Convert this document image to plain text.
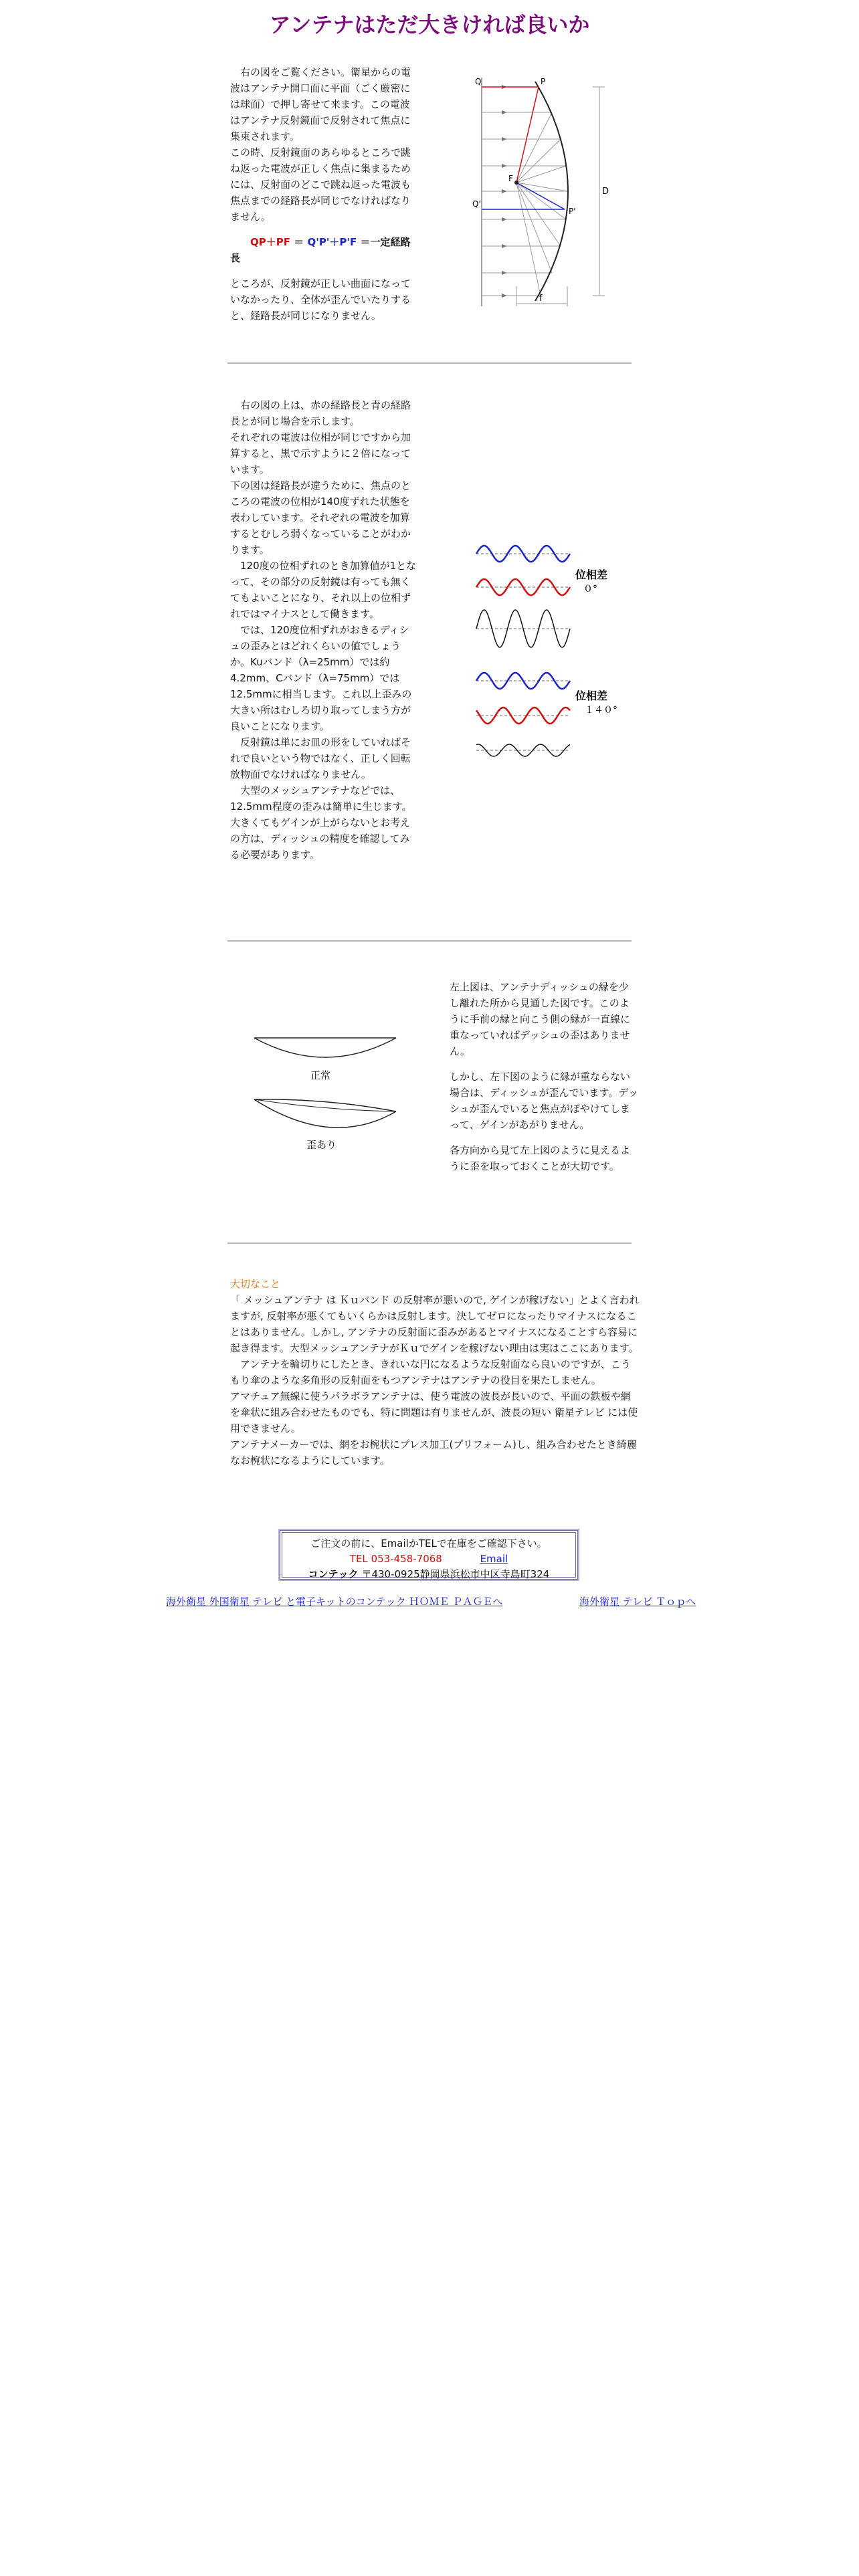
アンテナはただ大きければ良いか

右の図をご覧ください。衛星からの電波はアンテナ開口面に平面（ごく厳密には球面）で押し寄せて来ます。この電波はアンテナ反射鏡面で反射されて焦点に集束されます。

この時、反射鏡面のあらゆるところで跳ね返った電波が正しく焦点に集まるためには、反射面のどこで跳ね返った電波も焦点までの経路長が同じでなければなりません。

QP＋PF ＝ Q'P'＋P'F ＝一定経路長

ところが、反射鏡が正しい曲面になっていなかったり、全体が歪んでいたりすると、経路長が同じになりません。

Q	P
F
Q'
P'
D
f

右の図の上は、赤の経路長と青の経路長とが同じ場合を示します。

それぞれの電波は位相が同じですから加算すると、黒で示すように２倍になっています。

下の図は経路長が違うために、焦点のところの電波の位相が140度ずれた状態を表わしています。それぞれの電波を加算するとむしろ弱くなっていることがわかります。

120度の位相ずれのとき加算値が1となって、その部分の反射鏡は有っても無くてもよいことになり、それ以上の位相ずれではマイナスとして働きます。

では、120度位相ずれがおきるディシュの歪みとはどれくらいの値でしょうか。Kuバンド（λ=25mm）では約4.2mm、Cバンド（λ=75mm）では12.5mmに相当します。これ以上歪みの大きい所はむしろ切り取ってしまう方が良いことになります。

反射鏡は単にお皿の形をしていればそれで良いという物ではなく、正しく回転放物面でなければなりません。

大型のメッシュアンテナなどでは、12.5mm程度の歪みは簡単に生じます。大きくてもゲインが上がらないとお考えの方は、ディッシュの精度を確認してみる必要があります。

位相差
０°
位相差
１４０°
正常
歪あり

左上図は、アンテナディッシュの縁を少し離れた所から見通した図です。このように手前の縁と向こう側の縁が一直線に重なっていればデッシュの歪はありません。

しかし、左下図のように縁が重ならない場合は、ディッシュが歪んでいます。デッシュが歪んでいると焦点がぼやけてしまって、ゲインがあがりません。

各方向から見て左上図のように見えるように歪を取っておくことが大切です。

大切なこと

「 メッシュアンテナ は Ｋｕバンド の反射率が悪いので, ゲインが稼げない」とよく言われますが, 反射率が悪くてもいくらかは反射します。決してゼロになったりマイナスになることはありません。しかし, アンテナの反射面に歪みがあるとマイナスになることすら容易に起き得ます。大型メッシュアンテナがＫｕでゲインを稼げない理由は実はここにあります。

アンテナを輪切りにしたとき、きれいな円になるような反射面なら良いのですが、こうもり傘のような多角形の反射面をもつアンテナはアンテナの役目を果たしません。

アマチュア無線に使うパラボラアンテナは、使う電波の波長が長いので、平面の鉄板や網を傘状に組み合わせたものでも、特に問題は有りませんが、波長の短い 衛星テレビ には使用できません。

アンテナメーカーでは、網をお椀状にプレス加工(プリフォーム)し、組み合わせたとき綺麗なお椀状になるようにしています。

ご注文の前に、EmailかTELで在庫をご確認下さい。
TEL 053-458-7068	Email
コンテック 〒430-0925静岡県浜松市中区寺島町324
海外衛星 外国衛星 テレビ と電子キットのコンテック ＨＯＭＥ ＰＡＧＥへ	海外衛星 テレビ Ｔｏｐへ
